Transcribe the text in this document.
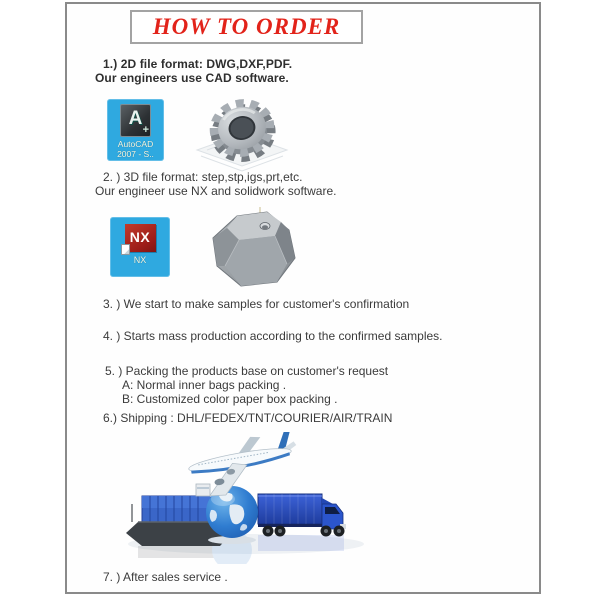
HOW TO ORDER
1.) 2D file format: DWG,DXF,PDF.
Our engineers use CAD software.
A
+
AutoCAD
2007 - S..
2. ) 3D file format: step,stp,igs,prt,etc.
Our engineer use NX and solidwork software.
NX
NX
3. ) We start to make samples for customer's confirmation
4. ) Starts mass production according to the confirmed samples.
5. ) Packing the products base on customer's request
A: Normal inner bags packing .
B: Customized color paper box packing .
6.) Shipping : DHL/FEDEX/TNT/COURIER/AIR/TRAIN
7. ) After sales service .
